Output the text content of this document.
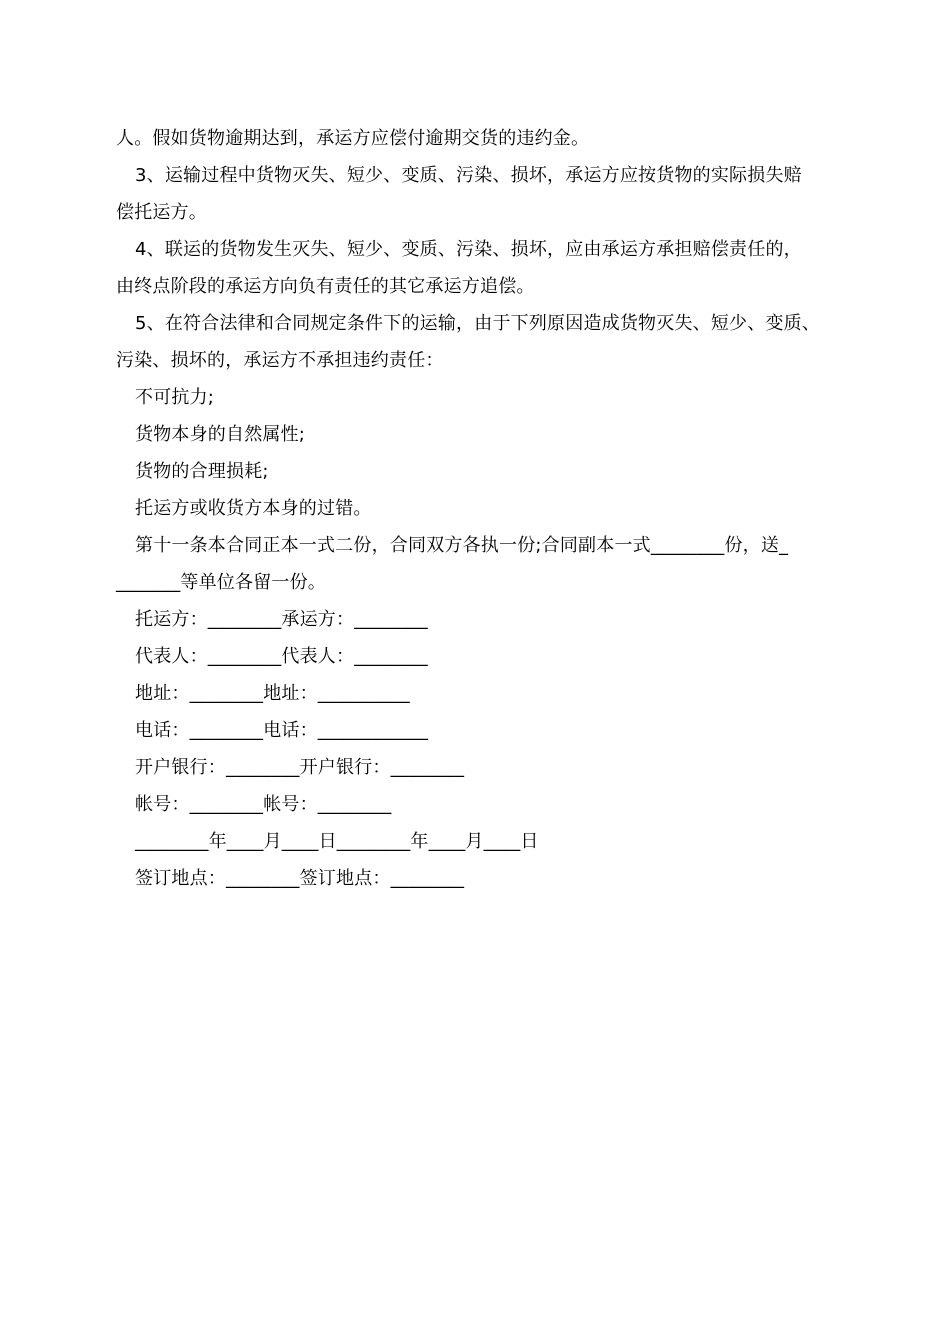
人。假如货物逾期达到，承运方应偿付逾期交货的违约金。
3、运输过程中货物灭失、短少、变质、污染、损坏，承运方应按货物的实际损失赔
偿托运方。
4、联运的货物发生灭失、短少、变质、污染、损坏，应由承运方承担赔偿责任的，
由终点阶段的承运方向负有责任的其它承运方追偿。
5、在符合法律和合同规定条件下的运输，由于下列原因造成货物灭失、短少、变质、
污染、损坏的，承运方不承担违约责任：
不可抗力;
货物本身的自然属性;
货物的合理损耗;
托运方或收货方本身的过错。
第十一条本合同正本一式二份，合同双方各执一份;合同副本一式________份，送_
_______等单位各留一份。
托运方：________承运方：________
代表人：________代表人：________
地址：________地址：__________
电话：________电话：____________
开户银行：________开户银行：________
帐号：________帐号：________
________年____月____日________年____月____日
签订地点：________签订地点：________
